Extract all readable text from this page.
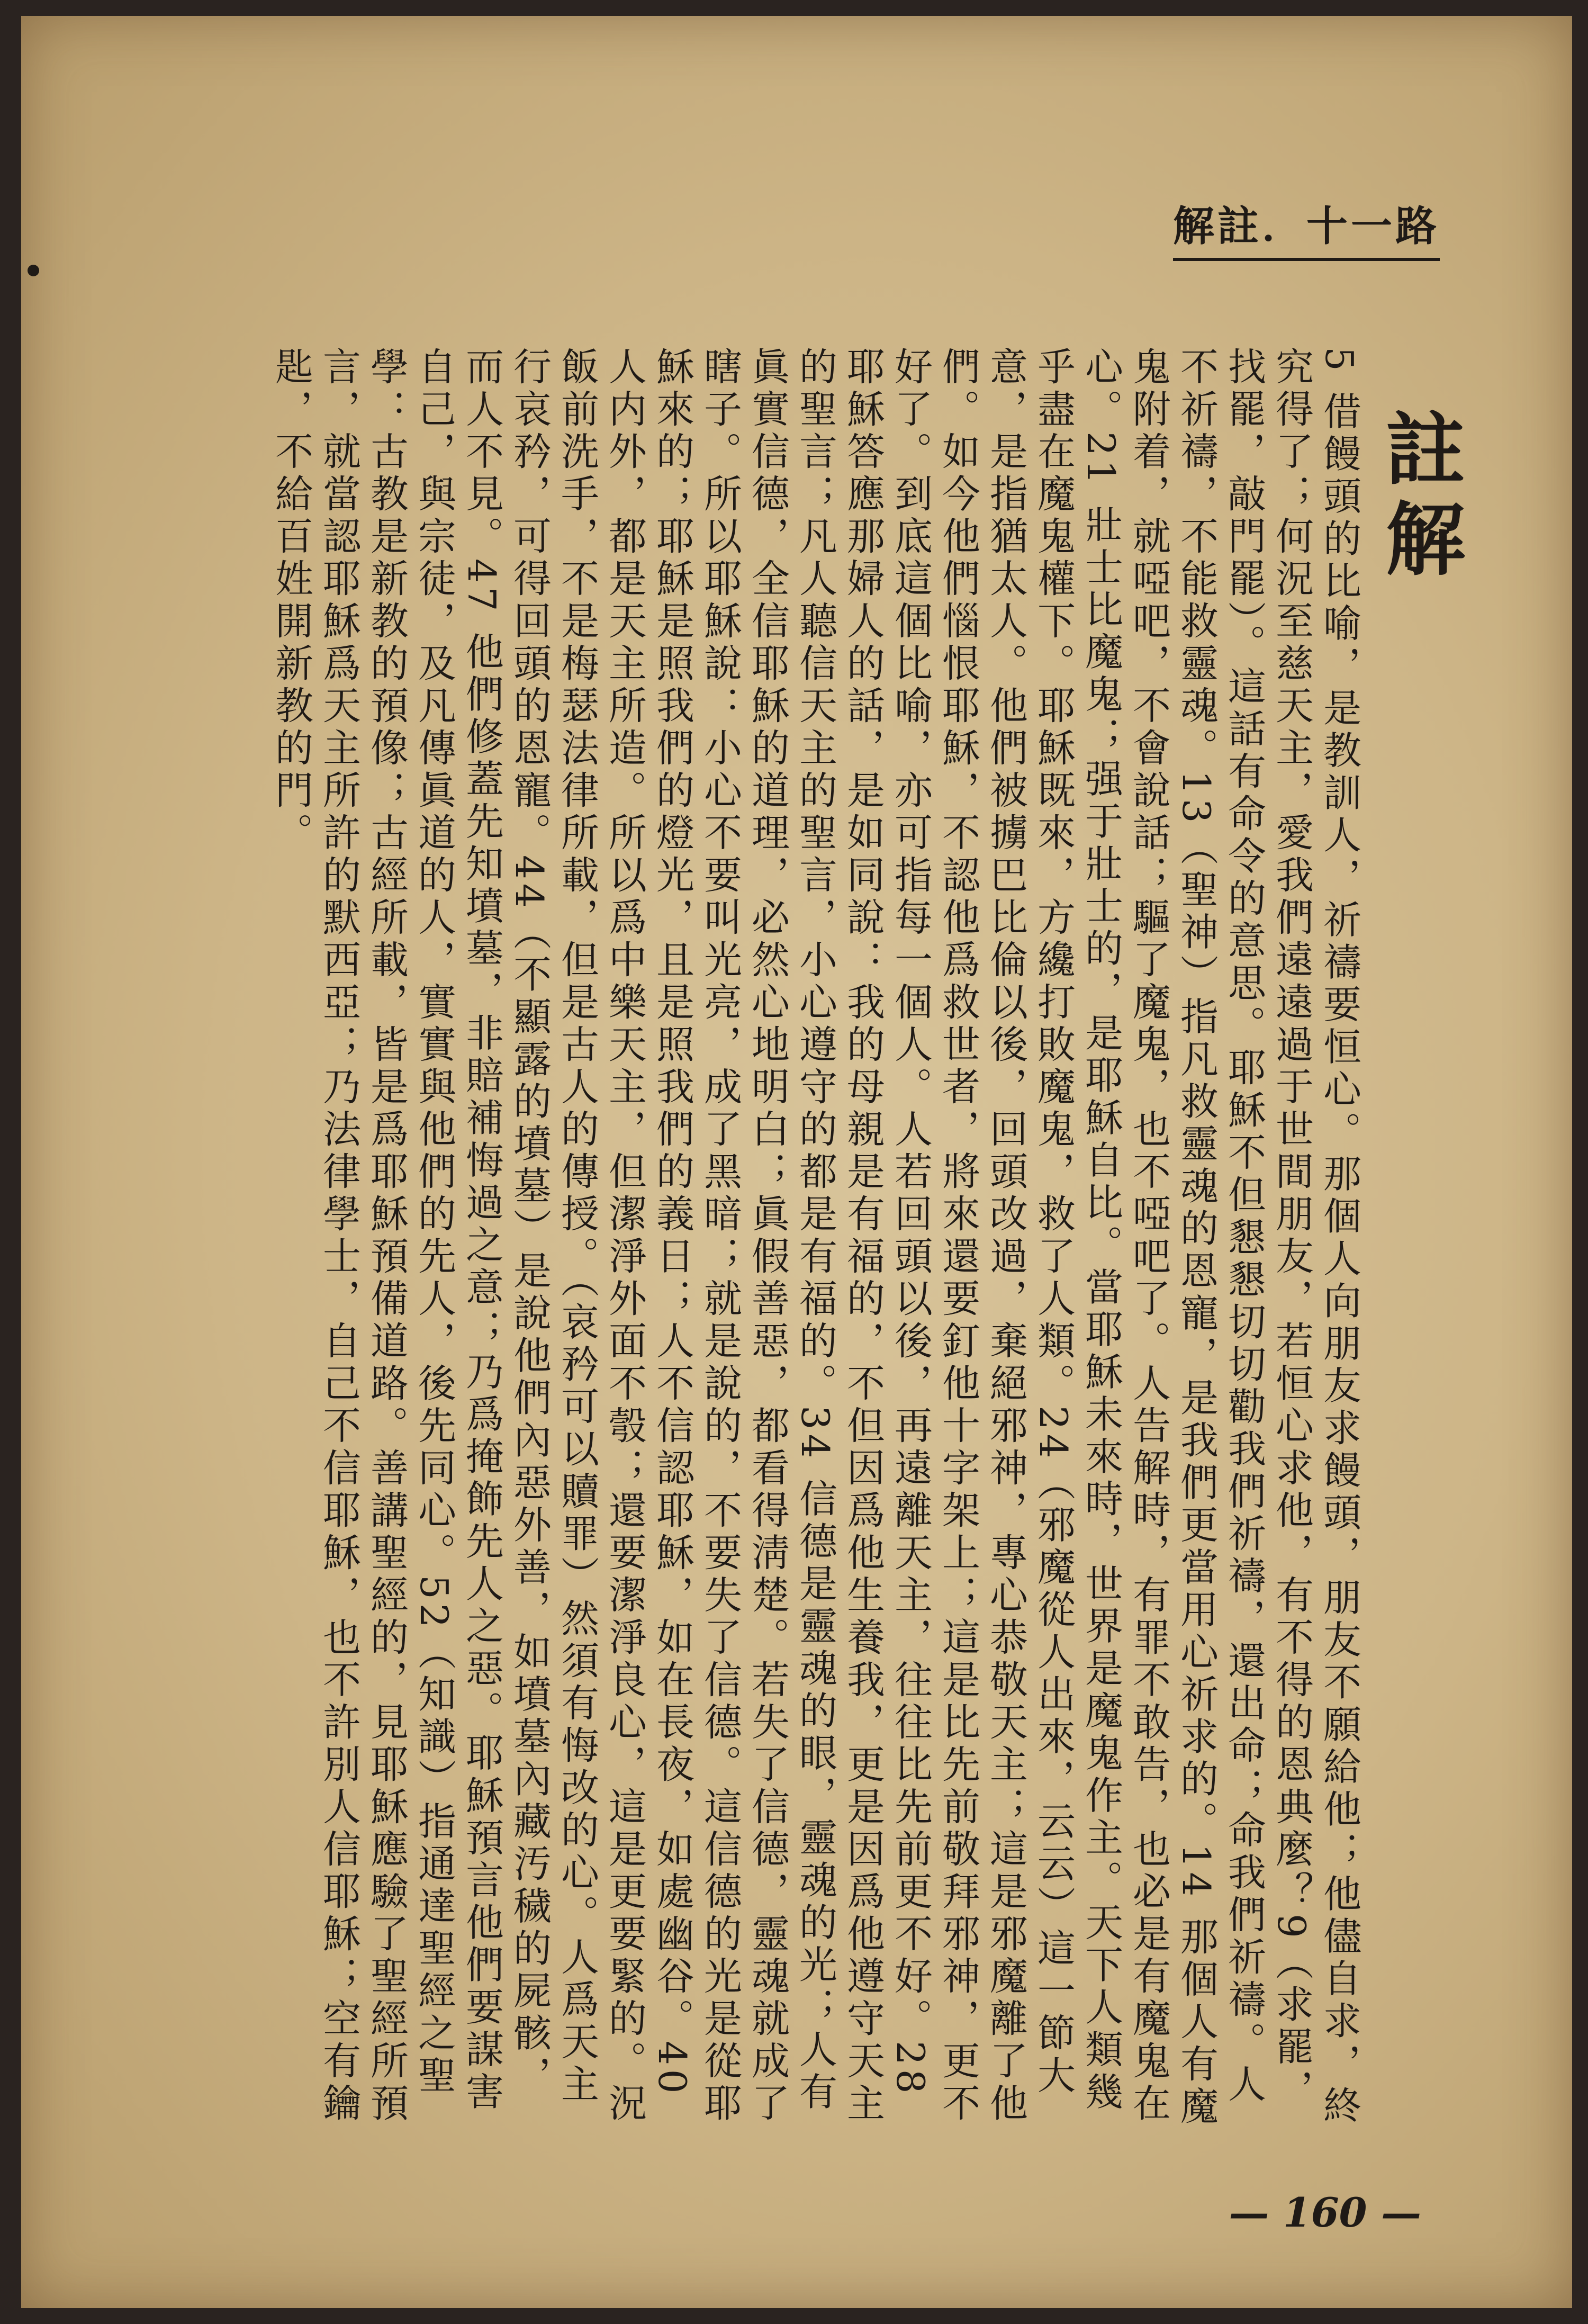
解註．十一路
註解

5 借饅頭的比喻，是教訓人，祈禱要恒心。那個人向朋友求饅頭，朋友不願給他；他儘自求，終究得了；何況至慈天主，愛我們遠遠過于世間朋友，若恒心求他，有不得的恩典麼？9（求罷，找罷，敲門罷）。這話有命令的意思。耶穌不但懇懇切切勸我們祈禱，還出命；命我們祈禱。人不祈禱，不能救靈魂。13（聖神）指凡救靈魂的恩寵，是我們更當用心祈求的。14 那個人有魔鬼附着，就啞吧，不會說話；驅了魔鬼，也不啞吧了。人告解時，有罪不敢告，也必是有魔鬼在心。21 壯士比魔鬼；强于壯士的，是耶穌自比。當耶穌未來時，世界是魔鬼作主。天下人類幾乎盡在魔鬼權下。耶穌既來，方纔打敗魔鬼，救了人類。24（邪魔從人出來，云云）這一節大意，是指猶太人。他們被擄巴比倫以後，回頭改過，棄絕邪神，專心恭敬天主；這是邪魔離了他們。如今他們惱恨耶穌，不認他爲救世者，將來還要釘他十字架上；這是比先前敬拜邪神，更不好了。到底這個比喻，亦可指每一個人。人若回頭以後，再遠離天主，往往比先前更不好。28 耶穌答應那婦人的話，是如同說：我的母親是有福的，不但因爲他生養我，更是因爲他遵守天主的聖言；凡人聽信天主的聖言，小心遵守的都是有福的。34 信德是靈魂的眼，靈魂的光；人有眞實信德，全信耶穌的道理，必然心地明白；眞假善惡，都看得淸楚。若失了信德，靈魂就成了瞎子。所以耶穌說：小心不要叫光亮，成了黑暗；就是說的，不要失了信德。這信德的光是從耶穌來的；耶穌是照我們的燈光，且是照我們的義日；人不信認耶穌，如在長夜，如處幽谷。40 人内外，都是天主所造。所以爲中樂天主，但潔淨外面不彀；還要潔淨良心，這是更要緊的。況飯前洗手，不是梅瑟法律所載，但是古人的傳授。（哀矜可以贖罪）然須有悔改的心。人爲天主行哀矜，可得回頭的恩寵。44（不顯露的墳墓）是說他們內惡外善，如墳墓內藏汚穢的屍骸，而人不見。47 他們修蓋先知墳墓，非賠補悔過之意；乃爲掩飾先人之惡。耶穌預言他們要謀害自己，與宗徒，及凡傳眞道的人，實實與他們的先人，後先同心。52（知識）指通達聖經之聖學：古教是新教的預像；古經所載，皆是爲耶穌預備道路。善講聖經的，見耶穌應驗了聖經所預言，就當認耶穌爲天主所許的默西亞；乃法律學士，自己不信耶穌，也不許別人信耶穌；空有鑰匙，不給百姓開新教的門。

— 160 —
